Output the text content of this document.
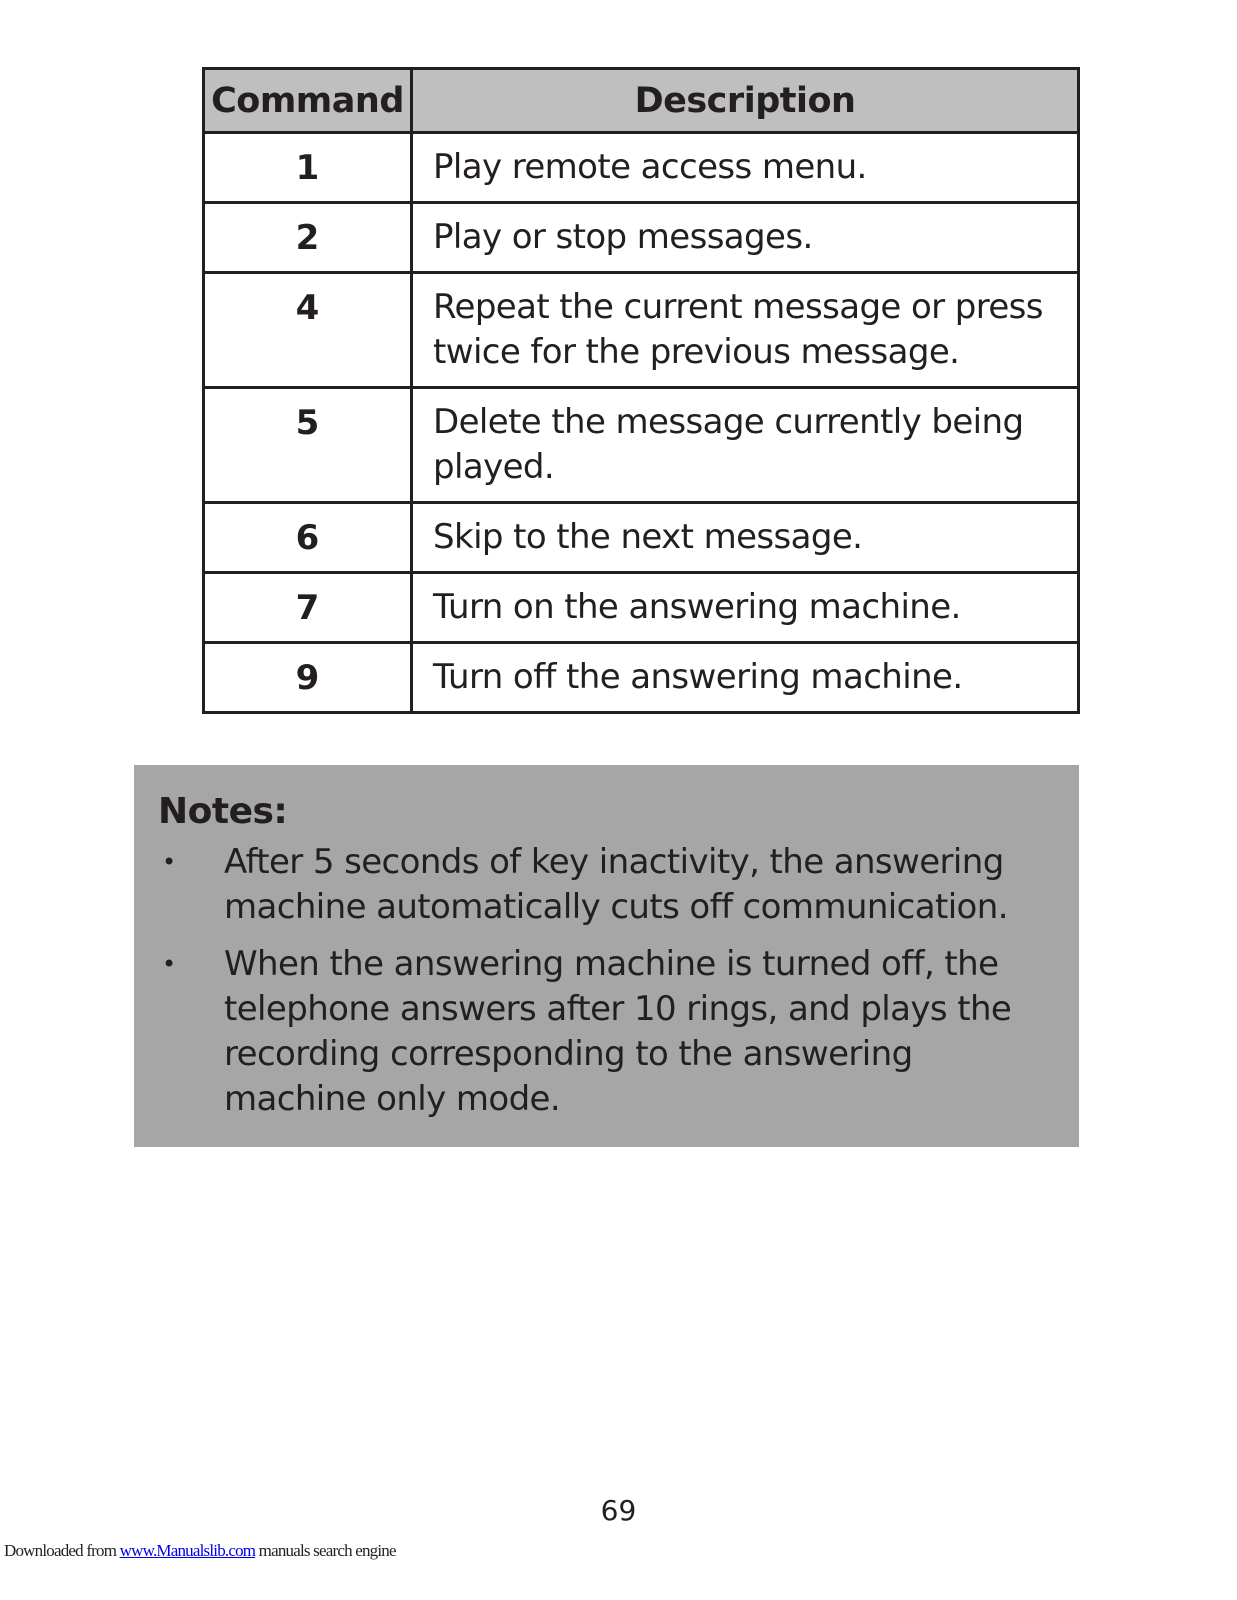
Command	Description
1	Play remote access menu.
2	Play or stop messages.
4	Repeat the current message or press twice for the previous message.
5	Delete the message currently being played.
6	Skip to the next message.
7	Turn on the answering machine.
9	Turn off the answering machine.
Notes:
• After 5 seconds of key inactivity, the answering machine automatically cuts off communication.
• When the answering machine is turned off, the telephone answers after 10 rings, and plays the recording corresponding to the answering machine only mode.
69
Downloaded from www.Manualslib.com manuals search engine
